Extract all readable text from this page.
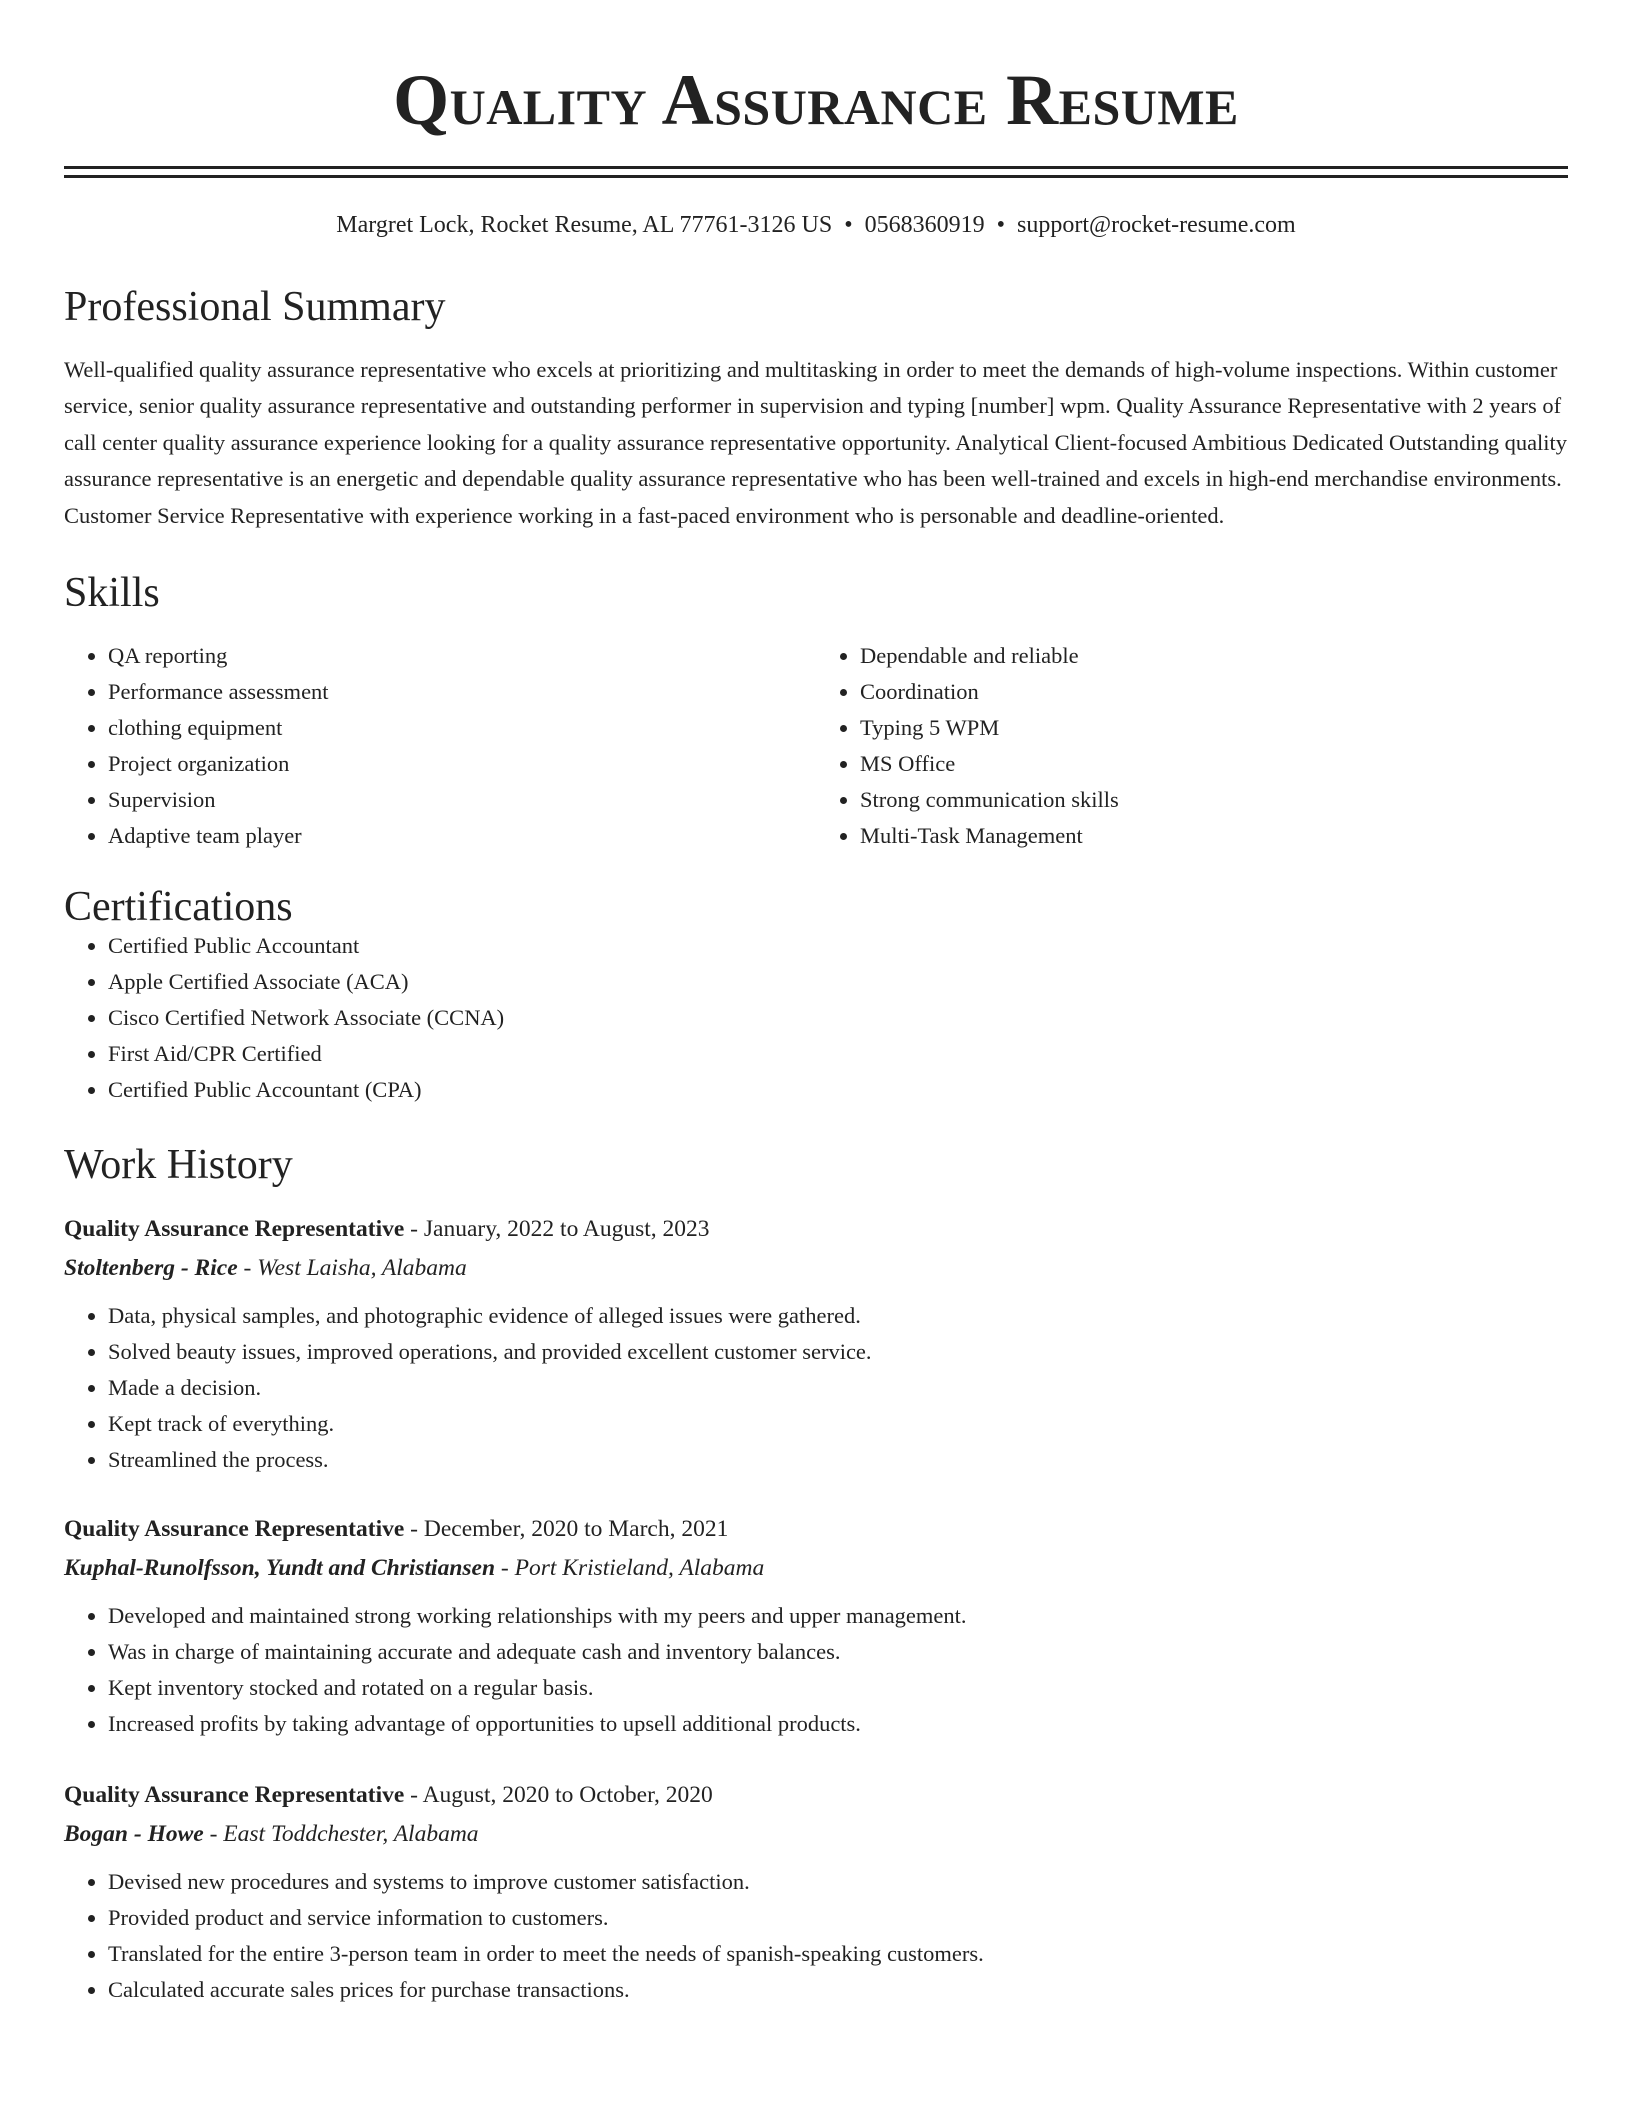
Quality Assurance Resume
Margret Lock, Rocket Resume, AL 77761-3126 US • 0568360919 • support@rocket-resume.com
Professional Summary
Well-qualified quality assurance representative who excels at prioritizing and multitasking in order to meet the demands of high-volume inspections. Within customer service, senior quality assurance representative and outstanding performer in supervision and typing [number] wpm. Quality Assurance Representative with 2 years of call center quality assurance experience looking for a quality assurance representative opportunity. Analytical Client-focused Ambitious Dedicated Outstanding quality assurance representative is an energetic and dependable quality assurance representative who has been well-trained and excels in high-end merchandise environments. Customer Service Representative with experience working in a fast-paced environment who is personable and deadline-oriented.
Skills
• QA reporting
• Performance assessment
• clothing equipment
• Project organization
• Supervision
• Adaptive team player
• Dependable and reliable
• Coordination
• Typing 5 WPM
• MS Office
• Strong communication skills
• Multi-Task Management
Certifications
• Certified Public Accountant
• Apple Certified Associate (ACA)
• Cisco Certified Network Associate (CCNA)
• First Aid/CPR Certified
• Certified Public Accountant (CPA)
Work History
Quality Assurance Representative - January, 2022 to August, 2023
Stoltenberg - Rice - West Laisha, Alabama
• Data, physical samples, and photographic evidence of alleged issues were gathered.
• Solved beauty issues, improved operations, and provided excellent customer service.
• Made a decision.
• Kept track of everything.
• Streamlined the process.
Quality Assurance Representative - December, 2020 to March, 2021
Kuphal-Runolfsson, Yundt and Christiansen - Port Kristieland, Alabama
• Developed and maintained strong working relationships with my peers and upper management.
• Was in charge of maintaining accurate and adequate cash and inventory balances.
• Kept inventory stocked and rotated on a regular basis.
• Increased profits by taking advantage of opportunities to upsell additional products.
Quality Assurance Representative - August, 2020 to October, 2020
Bogan - Howe - East Toddchester, Alabama
• Devised new procedures and systems to improve customer satisfaction.
• Provided product and service information to customers.
• Translated for the entire 3-person team in order to meet the needs of spanish-speaking customers.
• Calculated accurate sales prices for purchase transactions.
